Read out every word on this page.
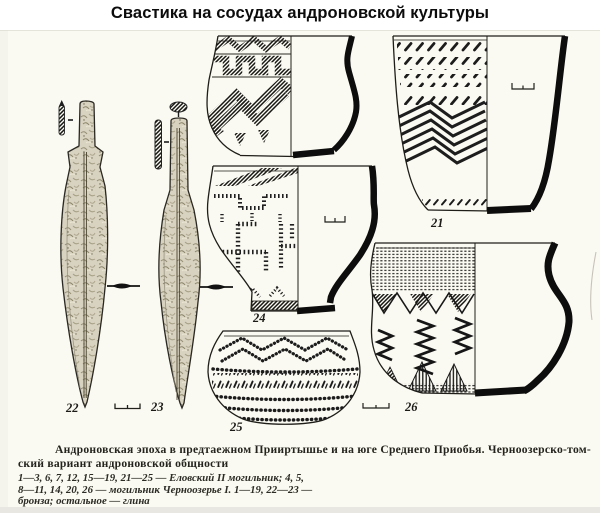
Свастика на сосудах андроновской культуры
22	23
21
24
25
26
Андроновская эпоха в предтаежном Прииртышье и на юге Среднего Приобья. Черноозерско-том-
ский вариант андроновской общности
1—3, 6, 7, 12, 15—19, 21—25 — Еловский II могильник; 4, 5,
8—11, 14, 20, 26 — могильник Черноозерье I. 1—19, 22—23 —
бронза; остальное — глина
